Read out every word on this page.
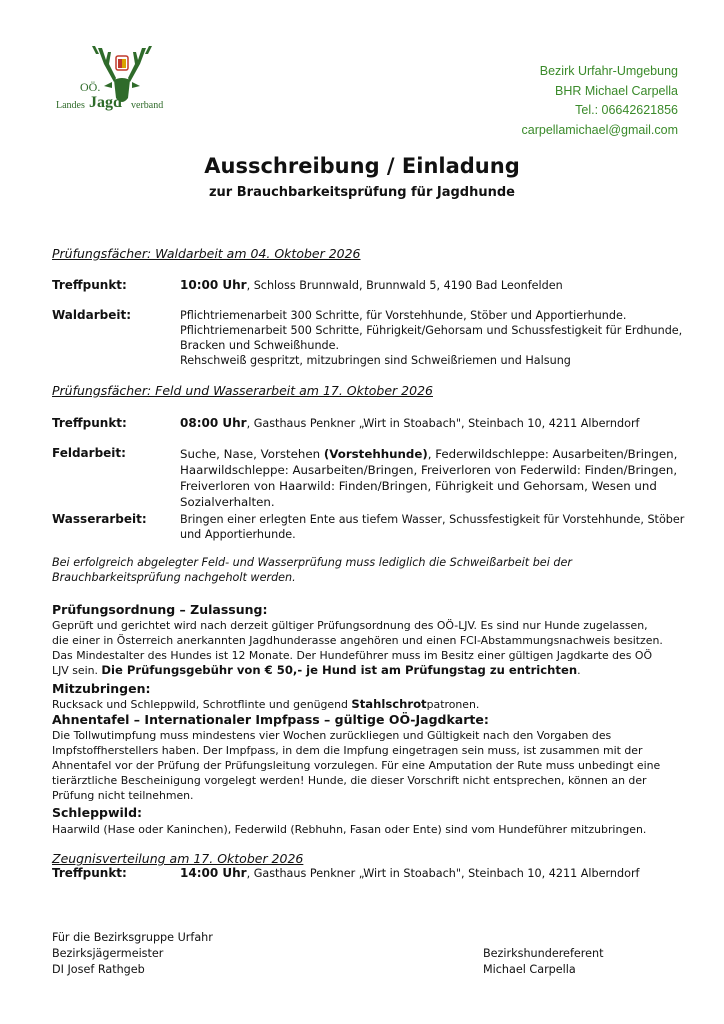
OÖ.
Landes Jagd verband
Bezirk Urfahr-Umgebung
BHR Michael Carpella
Tel.: 06642621856
carpellamichael@gmail.com
Ausschreibung / Einladung
zur Brauchbarkeitsprüfung für Jagdhunde
Prüfungsfächer: Waldarbeit am 04. Oktober 2026
Treffpunkt:	10:00 Uhr, Schloss Brunnwald, Brunnwald 5, 4190 Bad Leonfelden
Waldarbeit:	Pflichtriemenarbeit 300 Schritte, für Vorstehhunde, Stöber und Apportierhunde.

Pflichtriemenarbeit 500 Schritte, Führigkeit/Gehorsam und Schussfestigkeit für Erdhunde,

Bracken und Schweißhunde.

Rehschweiß gespritzt, mitzubringen sind Schweißriemen und Halsung

Prüfungsfächer: Feld und Wasserarbeit am 17. Oktober 2026
Treffpunkt:	08:00 Uhr, Gasthaus Penkner „Wirt in Stoabach", Steinbach 10, 4211 Alberndorf
Feldarbeit:	Suche, Nase, Vorstehen (Vorstehhunde), Federwildschleppe: Ausarbeiten/Bringen,

Haarwildschleppe: Ausarbeiten/Bringen, Freiverloren von Federwild: Finden/Bringen,

Freiverloren von Haarwild: Finden/Bringen, Führigkeit und Gehorsam, Wesen und

Sozialverhalten.

Wasserarbeit:	Bringen einer erlegten Ente aus tiefem Wasser, Schussfestigkeit für Vorstehhunde, Stöber

und Apportierhunde.

Bei erfolgreich abgelegter Feld- und Wasserprüfung muss lediglich die Schweißarbeit bei der

Brauchbarkeitsprüfung nachgeholt werden.

Prüfungsordnung – Zulassung:

Geprüft und gerichtet wird nach derzeit gültiger Prüfungsordnung des OÖ-LJV. Es sind nur Hunde zugelassen,

die einer in Österreich anerkannten Jagdhunderasse angehören und einen FCI-Abstammungsnachweis besitzen.

Das Mindestalter des Hundes ist 12 Monate. Der Hundeführer muss im Besitz einer gültigen Jagdkarte des OÖ

LJV sein. Die Prüfungsgebühr von € 50,- je Hund ist am Prüfungstag zu entrichten.

Mitzubringen:
Rucksack und Schleppwild, Schrotflinte und genügend Stahlschrotpatronen.
Ahnentafel – Internationaler Impfpass – gültige OÖ-Jagdkarte:

Die Tollwutimpfung muss mindestens vier Wochen zurückliegen und Gültigkeit nach den Vorgaben des

Impfstoffherstellers haben. Der Impfpass, in dem die Impfung eingetragen sein muss, ist zusammen mit der

Ahnentafel vor der Prüfung der Prüfungsleitung vorzulegen. Für eine Amputation der Rute muss unbedingt eine

tierärztliche Bescheinigung vorgelegt werden! Hunde, die dieser Vorschrift nicht entsprechen, können an der

Prüfung nicht teilnehmen.

Schleppwild:
Haarwild (Hase oder Kaninchen), Federwild (Rebhuhn, Fasan oder Ente) sind vom Hundeführer mitzubringen.
Zeugnisverteilung am 17. Oktober 2026
Treffpunkt:	14:00 Uhr, Gasthaus Penkner „Wirt in Stoabach", Steinbach 10, 4211 Alberndorf

Für die Bezirksgruppe Urfahr

Bezirksjägermeister

DI Josef Rathgeb

Bezirkshundereferent

Michael Carpella
